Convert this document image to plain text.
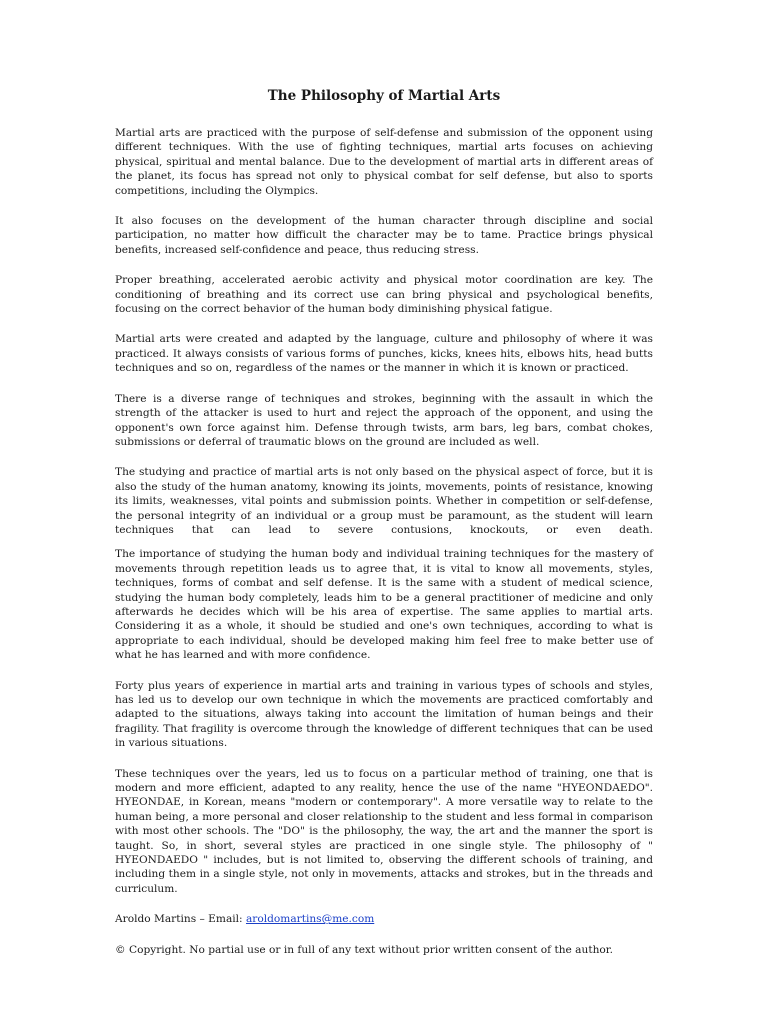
The Philosophy of Martial Arts

Martial arts are practiced with the purpose of self-defense and submission of the opponent using different techniques. With the use of fighting techniques, martial arts focuses on achieving physical, spiritual and mental balance. Due to the development of martial arts in different areas of the planet, its focus has spread not only to physical combat for self defense, but also to sports competitions, including the Olympics.

It also focuses on the development of the human character through discipline and social participation, no matter how difficult the character may be to tame. Practice brings physical benefits, increased self-confidence and peace, thus reducing stress.

Proper breathing, accelerated aerobic activity and physical motor coordination are key. The conditioning of breathing and its correct use can bring physical and psychological benefits, focusing on the correct behavior of the human body diminishing physical fatigue.

Martial arts were created and adapted by the language, culture and philosophy of where it was practiced. It always consists of various forms of punches, kicks, knees hits, elbows hits, head butts techniques and so on, regardless of the names or the manner in which it is known or practiced.

There is a diverse range of techniques and strokes, beginning with the assault in which the strength of the attacker is used to hurt and reject the approach of the opponent, and using the opponent's own force against him. Defense through twists, arm bars, leg bars, combat chokes, submissions or deferral of traumatic blows on the ground are included as well.

The studying and practice of martial arts is not only based on the physical aspect of force, but it is also the study of the human anatomy, knowing its joints, movements, points of resistance, knowing its limits, weaknesses, vital points and submission points. Whether in competition or self-defense, the personal integrity of an individual or a group must be paramount, as the student will learn techniques that can lead to severe contusions, knockouts, or even death.

The importance of studying the human body and individual training techniques for the mastery of movements through repetition leads us to agree that, it is vital to know all movements, styles, techniques, forms of combat and self defense. It is the same with a student of medical science, studying the human body completely, leads him to be a general practitioner of medicine and only afterwards he decides which will be his area of expertise. The same applies to martial arts. Considering it as a whole, it should be studied and one's own techniques, according to what is appropriate to each individual, should be developed making him feel free to make better use of what he has learned and with more confidence.

Forty plus years of experience in martial arts and training in various types of schools and styles, has led us to develop our own technique in which the movements are practiced comfortably and adapted to the situations, always taking into account the limitation of human beings and their fragility. That fragility is overcome through the knowledge of different techniques that can be used in various situations.

These techniques over the years, led us to focus on a particular method of training, one that is modern and more efficient, adapted to any reality, hence the use of the name "HYEONDAEDO". HYEONDAE, in Korean, means "modern or contemporary". A more versatile way to relate to the human being, a more personal and closer relationship to the student and less formal in comparison with most other schools. The "DO" is the philosophy, the way, the art and the manner the sport is taught. So, in short, several styles are practiced in one single style. The philosophy of " HYEONDAEDO " includes, but is not limited to, observing the different schools of training, and including them in a single style, not only in movements, attacks and strokes, but in the threads and curriculum.

Aroldo Martins – Email: aroldomartins@me.com
© Copyright. No partial use or in full of any text without prior written consent of the author.
